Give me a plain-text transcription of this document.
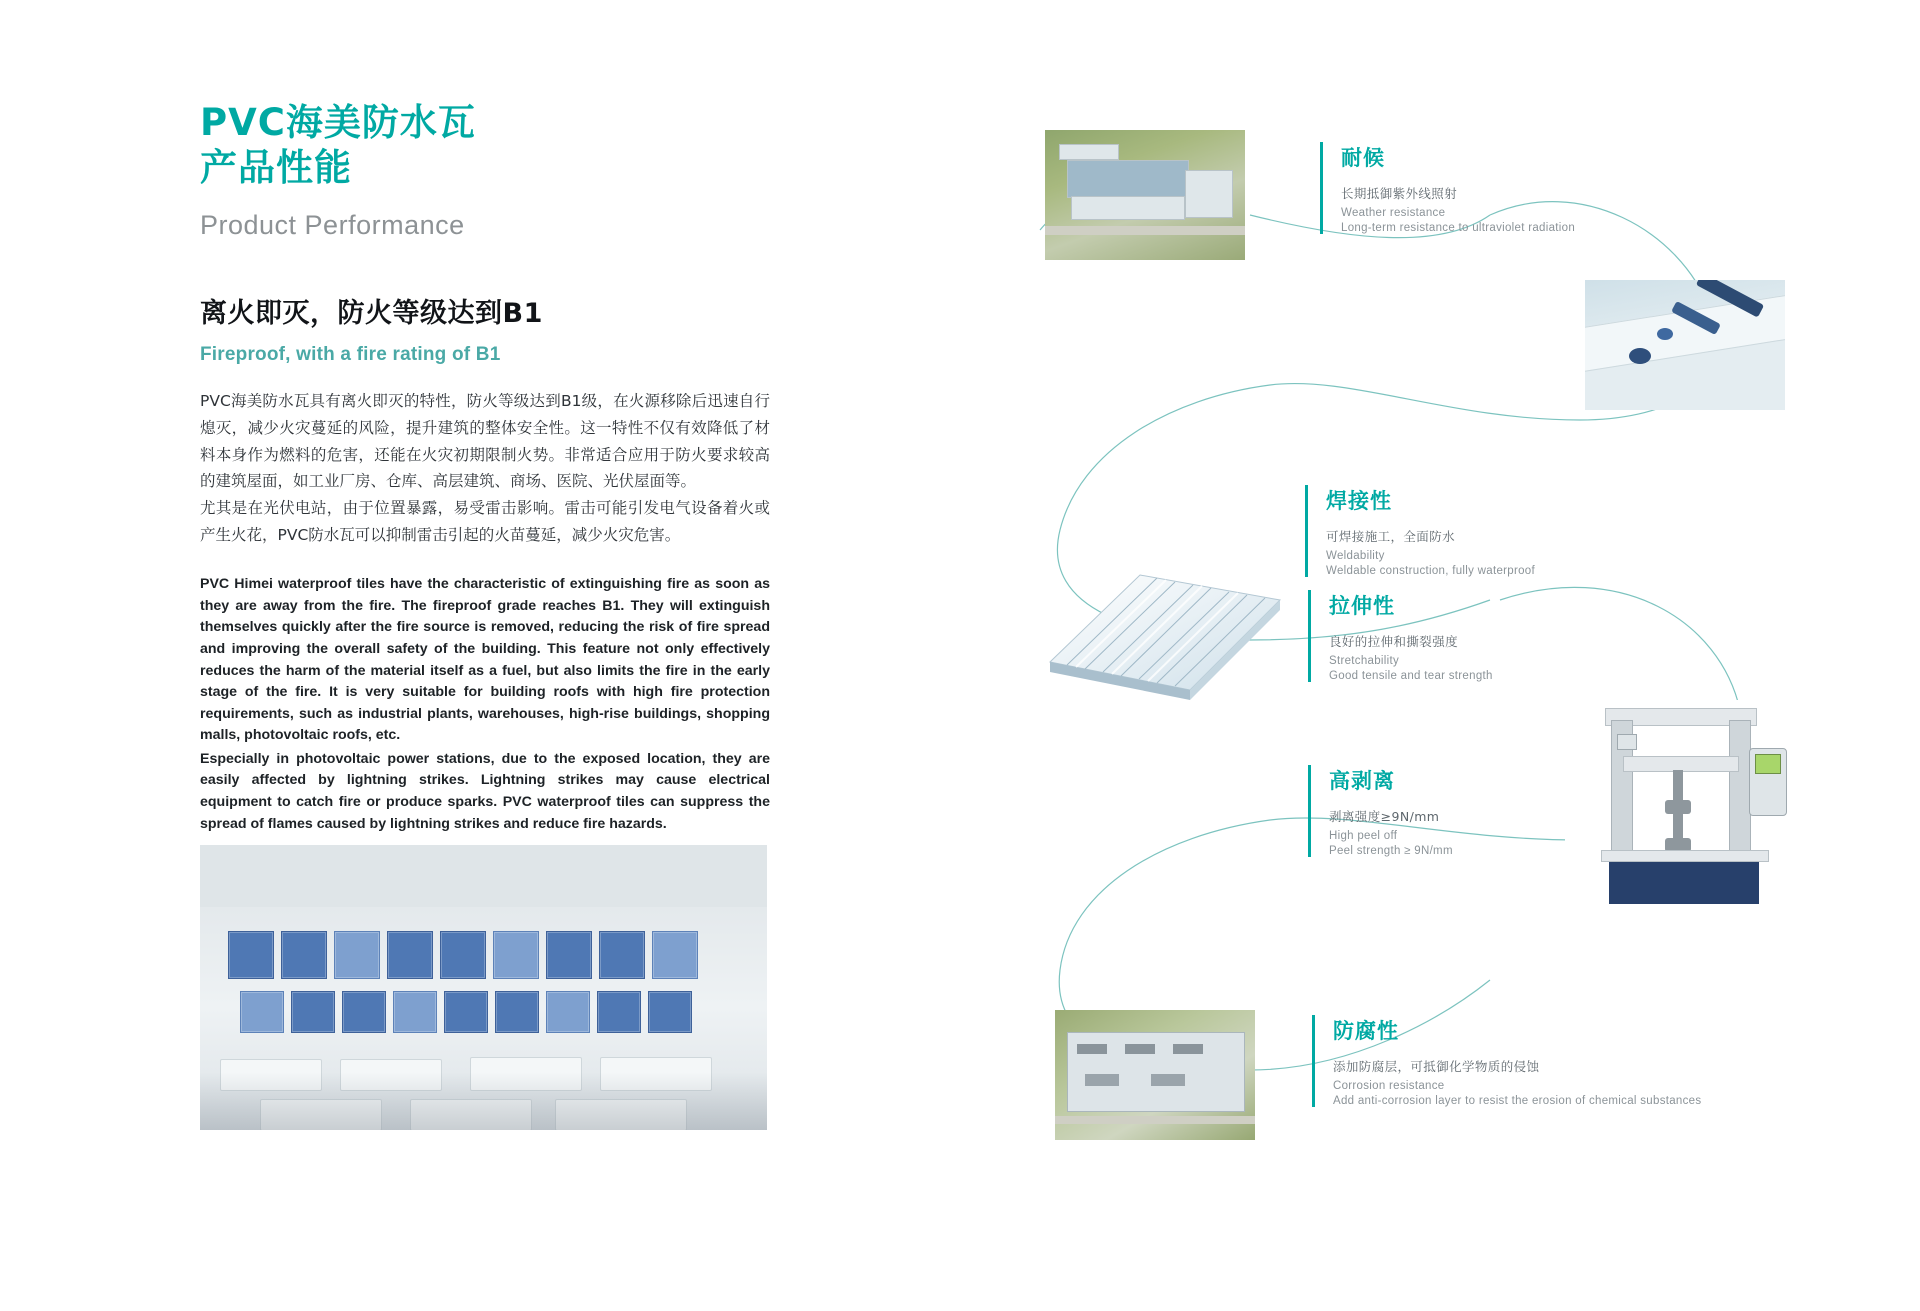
PVC海美防水瓦
产品性能
Product Performance
离火即灭，防火等级达到B1
Fireproof, with a fire rating of B1

PVC海美防水瓦具有离火即灭的特性，防火等级达到B1级，在火源移除后迅速自行熄灭，减少火灾蔓延的风险，提升建筑的整体安全性。这一特性不仅有效降低了材料本身作为燃料的危害，还能在火灾初期限制火势。非常适合应用于防火要求较高的建筑屋面，如工业厂房、仓库、高层建筑、商场、医院、光伏屋面等。

尤其是在光伏电站，由于位置暴露，易受雷击影响。雷击可能引发电气设备着火或产生火花，PVC防水瓦可以抑制雷击引起的火苗蔓延，减少火灾危害。

PVC Himei waterproof tiles have the characteristic of extinguishing fire as soon as they are away from the fire. The fireproof grade reaches B1. They will extinguish themselves quickly after the fire source is removed, reducing the risk of fire spread and improving the overall safety of the building. This feature not only effectively reduces the harm of the material itself as a fuel, but also limits the fire in the early stage of the fire. It is very suitable for building roofs with high fire protection requirements, such as industrial plants, warehouses, high-rise buildings, shopping malls, photovoltaic roofs, etc.

Especially in photovoltaic power stations, due to the exposed location, they are easily affected by lightning strikes. Lightning strikes may cause electrical equipment to catch fire or produce sparks. PVC waterproof tiles can suppress the spread of flames caused by lightning strikes and reduce fire hazards.

耐候

长期抵御紫外线照射

Weather resistance

Long-term resistance to ultraviolet radiation

焊接性

可焊接施工，全面防水

Weldability

Weldable construction, fully waterproof

拉伸性

良好的拉伸和撕裂强度

Stretchability

Good tensile and tear strength

高剥离

剥离强度≥9N/mm

High peel off

Peel strength ≥ 9N/mm

防腐性

添加防腐层，可抵御化学物质的侵蚀

Corrosion resistance

Add anti-corrosion layer to resist the erosion of chemical substances
